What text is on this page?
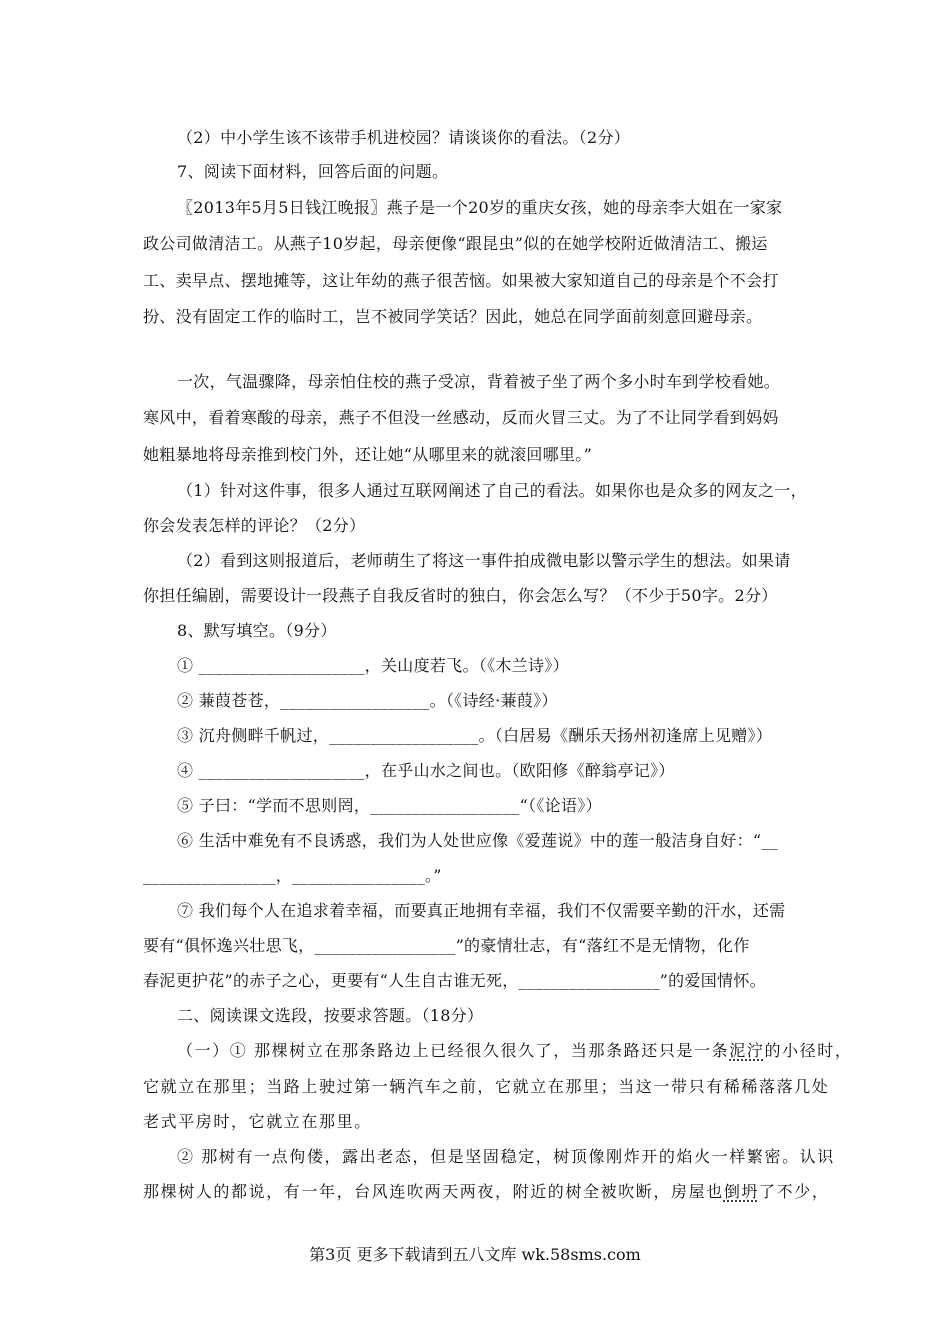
（2）中小学生该不该带手机进校园？请谈谈你的看法。（2分）
7、阅读下面材料，回答后面的问题。
〖2013年5月5日钱江晚报〗燕子是一个20岁的重庆女孩，她的母亲李大姐在一家家
政公司做清洁工。从燕子10岁起，母亲便像“跟昆虫”似的在她学校附近做清洁工、搬运
工、卖早点、摆地摊等，这让年幼的燕子很苦恼。如果被大家知道自己的母亲是个不会打
扮、没有固定工作的临时工，岂不被同学笑话？因此，她总在同学面前刻意回避母亲。
一次，气温骤降，母亲怕住校的燕子受凉，背着被子坐了两个多小时车到学校看她。
寒风中，看着寒酸的母亲，燕子不但没一丝感动，反而火冒三丈。为了不让同学看到妈妈
她粗暴地将母亲推到校门外，还让她“从哪里来的就滚回哪里。”
（1）针对这件事，很多人通过互联网阐述了自己的看法。如果你也是众多的网友之一，
你会发表怎样的评论？（2分）
（2）看到这则报道后，老师萌生了将这一事件拍成微电影以警示学生的想法。如果请
你担任编剧，需要设计一段燕子自我反省时的独白，你会怎么写？（不少于50字。2分）
8、默写填空。（9分）
① ____________________，关山度若飞。（《木兰诗》）
② 蒹葭苍苍，__________________。（《诗经·蒹葭》）
③ 沉舟侧畔千帆过，__________________。（白居易《酬乐天扬州初逢席上见赠》）
④ ____________________，在乎山水之间也。（欧阳修《醉翁亭记》）
⑤ 子曰：“学而不思则罔，__________________“（《论语》）
⑥ 生活中难免有不良诱惑，我们为人处世应像《爱莲说》中的莲一般洁身自好：“__
________________，________________。”
⑦ 我们每个人在追求着幸福，而要真正地拥有幸福，我们不仅需要辛勤的汗水，还需
要有“俱怀逸兴壮思飞，_________________”的豪情壮志，有“落红不是无情物，化作
春泥更护花”的赤子之心，更要有“人生自古谁无死，_________________”的爱国情怀。
二、阅读课文选段，按要求答题。（18分）
（一）① 那棵树立在那条路边上已经很久很久了，当那条路还只是一条泥泞的小径时，
它就立在那里；当路上驶过第一辆汽车之前，它就立在那里；当这一带只有稀稀落落几处
老式平房时，它就立在那里。
② 那树有一点佝偻，露出老态，但是坚固稳定，树顶像刚炸开的焰火一样繁密。认识
那棵树人的都说，有一年，台风连吹两天两夜，附近的树全被吹断，房屋也倒坍了不少，
第3页 更多下载请到五八文库 wk.58sms.com
